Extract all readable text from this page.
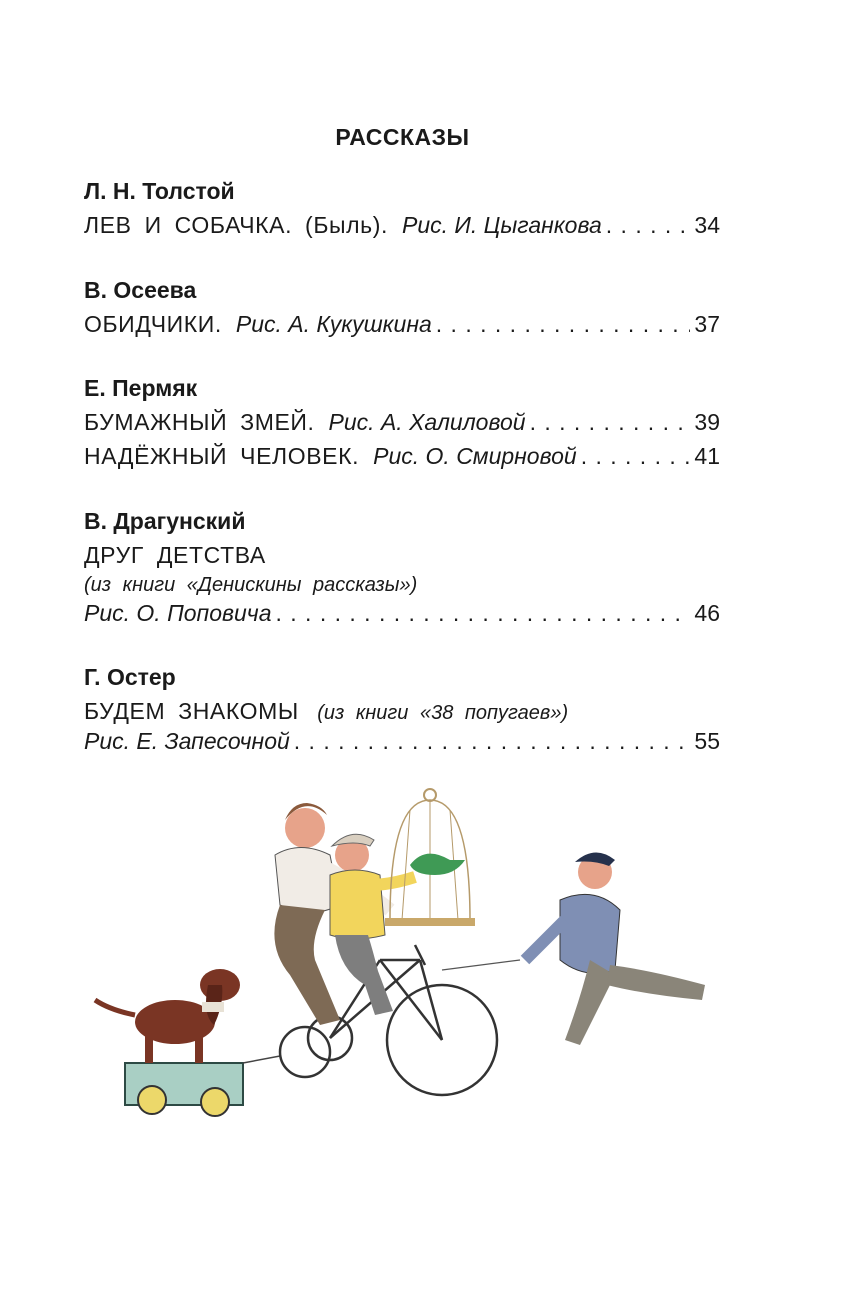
РАССКАЗЫ
Л. Н. Толстой
ЛЕВ И СОБАЧКА. (Быль). Рис. И. Цыганкова . . .	34
В. Осеева
ОБИДЧИКИ. Рис. А. Кукушкина . . .	37
Е. Пермяк
БУМАЖНЫЙ ЗМЕЙ. Рис. А. Халиловой . . .	39
НАДЁЖНЫЙ ЧЕЛОВЕК. Рис. О. Смирновой . . .	41
В. Драгунский
ДРУГ ДЕТСТВА
(из книги «Денискины рассказы»)
Рис. О. Поповича . . .	46
Г. Остер
БУДЕМ ЗНАКОМЫ (из книги «38 попугаев»)
Рис. Е. Запесочной . . .	55
